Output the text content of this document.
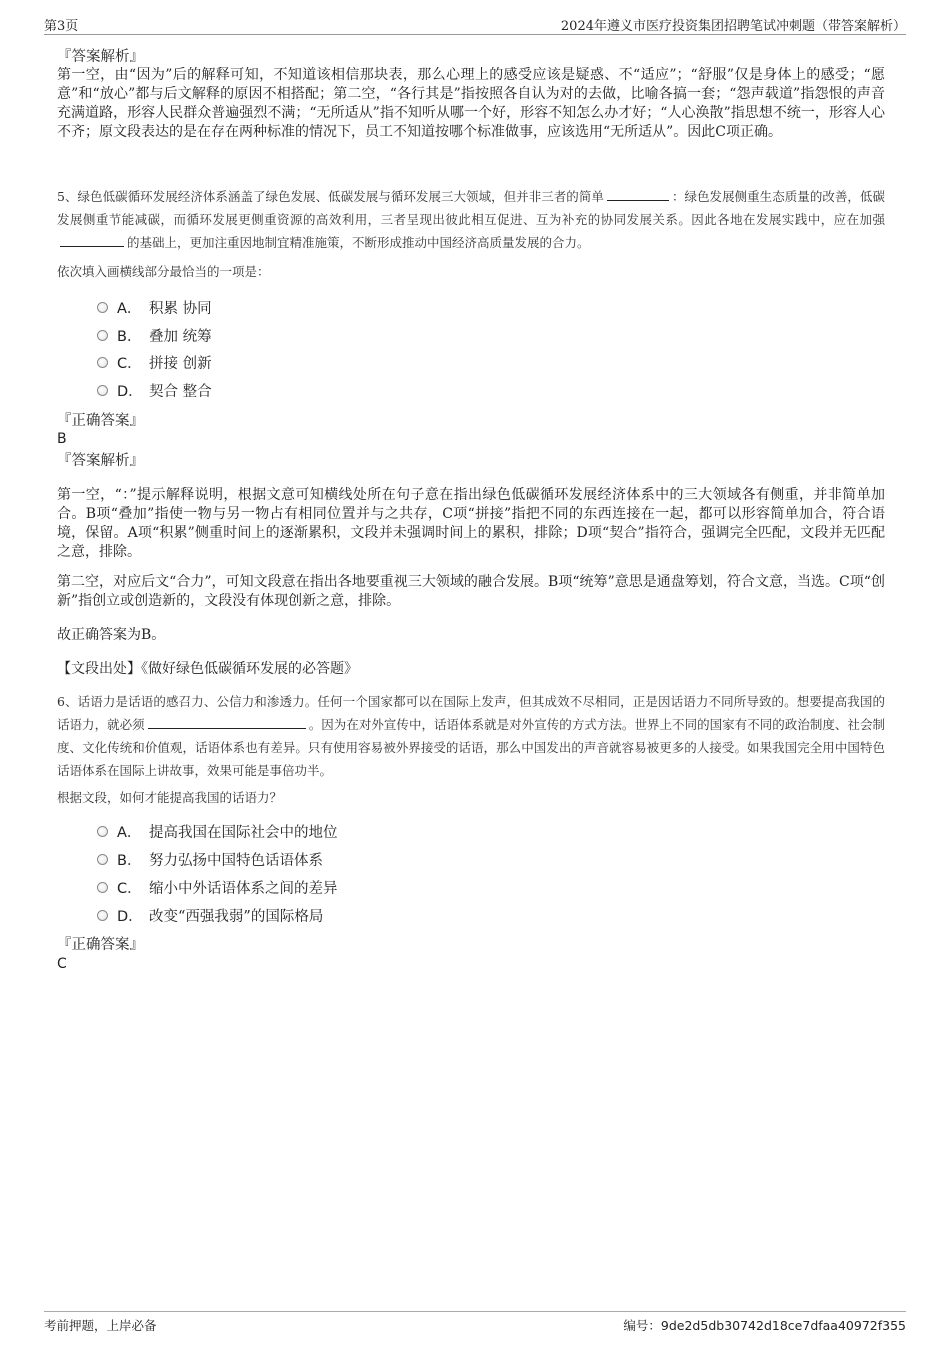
第3页	2024年遵义市医疗投资集团招聘笔试冲刺题（带答案解析）
『答案解析』
第一空，由“因为”后的解释可知，不知道该相信那块表，那么心理上的感受应该是疑惑、不“适应”；“舒服”仅是身体上的感受；“愿意”和“放心”都与后文解释的原因不相搭配；第二空，“各行其是”指按照各自认为对的去做，比喻各搞一套；“怨声载道”指怨恨的声音充满道路，形容人民群众普遍强烈不满；“无所适从”指不知听从哪一个好，形容不知怎么办才好；“人心涣散”指思想不统一，形容人心不齐；原文段表达的是在存在两种标准的情况下，员工不知道按哪个标准做事，应该选用“无所适从”。因此C项正确。
5、绿色低碳循环发展经济体系涵盖了绿色发展、低碳发展与循环发展三大领域，但并非三者的简单	：绿色发展侧重生态质量的改善，低碳发展侧重节能减碳，而循环发展更侧重资源的高效利用，三者呈现出彼此相互促进、互为补充的协同发展关系。因此各地在发展实践中，应在加强的基础上，更加注重因地制宜精准施策，不断形成推动中国经济高质量发展的合力。
依次填入画横线部分最恰当的一项是：
A． 积累 协同
B． 叠加 统筹
C． 拼接 创新
D． 契合 整合
『正确答案』
B
『答案解析』
第一空，“：”提示解释说明，根据文意可知横线处所在句子意在指出绿色低碳循环发展经济体系中的三大领域各有侧重，并非简单加合。B项“叠加”指使一物与另一物占有相同位置并与之共存，C项“拼接”指把不同的东西连接在一起，都可以形容简单加合，符合语境，保留。A项“积累”侧重时间上的逐渐累积，文段并未强调时间上的累积，排除；D项“契合”指符合，强调完全匹配，文段并无匹配之意，排除。
第二空，对应后文“合力”，可知文段意在指出各地要重视三大领域的融合发展。B项“统筹”意思是通盘筹划，符合文意，当选。C项“创新”指创立或创造新的，文段没有体现创新之意，排除。
故正确答案为B。
【文段出处】《做好绿色低碳循环发展的必答题》
6、话语力是话语的感召力、公信力和渗透力。任何一个国家都可以在国际上发声，但其成效不尽相同，正是因话语力不同所导致的。想要提高我国的话语力，就必须	。因为在对外宣传中，话语体系就是对外宣传的方式方法。世界上不同的国家有不同的政治制度、社会制度、文化传统和价值观，话语体系也有差异。只有使用容易被外界接受的话语，那么中国发出的声音就容易被更多的人接受。如果我国完全用中国特色话语体系在国际上讲故事，效果可能是事倍功半。
根据文段，如何才能提高我国的话语力？
A． 提高我国在国际社会中的地位
B． 努力弘扬中国特色话语体系
C． 缩小中外话语体系之间的差异
D． 改变“西强我弱”的国际格局
『正确答案』
C
考前押题，上岸必备	编号：9de2d5db30742d18ce7dfaa40972f355
